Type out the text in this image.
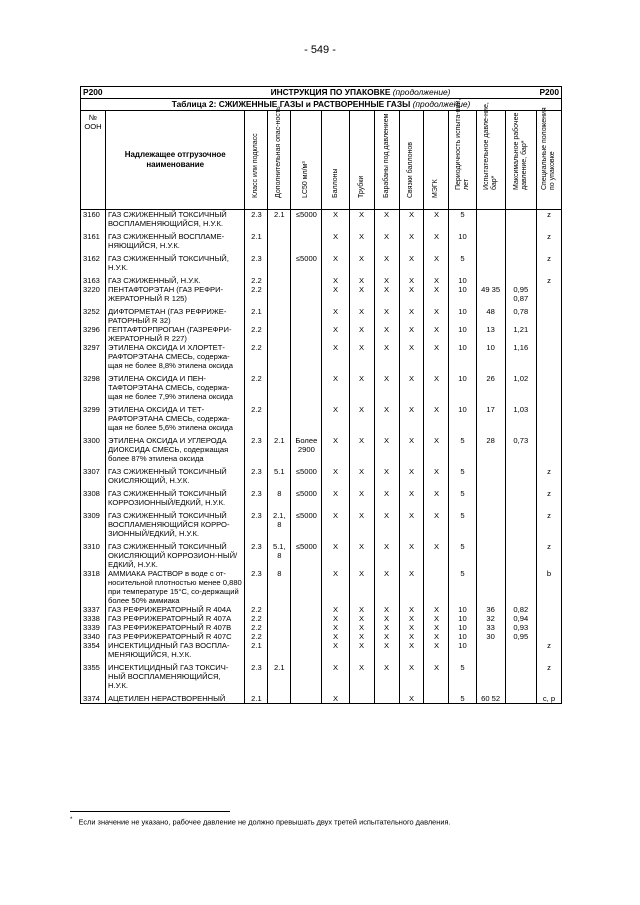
- 549 -
P200		ИНСТРУКЦИЯ ПО УПАКОВКЕ (продолжение)									P200		
Таблица 2: СЖИЖЕННЫЕ ГАЗЫ и РАСТВОРЕННЫЕ ГАЗЫ (продолжение)													
№ ООН	Надлежащее отгрузочное наименование	Класс или подкласс	Дополнительная опас-ность	LC50 мл/м³	Баллоны	Трубки	Барабаны под давлением	Связки баллонов	МЭГК	Периодичность испыта-ний, лет	Испытательное давле-ние, бар*	Максимальное рабочее давление, бар*	Специальные положения по упаковке

3160	ГАЗ СЖИЖЕННЫЙ ТОКСИЧНЫЙ ВОСПЛАМЕНЯЮЩИЙСЯ, Н.У.К.	2.3	2.1	≤5000	X	X	X	X	X	5			z

3161	ГАЗ СЖИЖЕННЫЙ ВОСПЛАМЕ-НЯЮЩИЙСЯ, Н.У.К.	2.1			X	X	X	X	X	10			z

3162	ГАЗ СЖИЖЕННЫЙ ТОКСИЧНЫЙ, Н.У.К.	2.3		≤5000	X	X	X	X	X	5			z

3163	ГАЗ СЖИЖЕННЫЙ, Н.У.К.	2.2			X	X	X	X	X	10			z
3220	ПЕНТАФТОРЭТАН (ГАЗ РЕФРИ-ЖЕРАТОРНЫЙ R 125)	2.2			X	X	X	X	X	10	49 35	0,95 0,87	

3252	ДИФТОРМЕТАН (ГАЗ РЕФРИЖЕ-РАТОРНЫЙ R 32)	2.1			X	X	X	X	X	10	48	0,78	
3296	ГЕПТАФТОРПРОПАН (ГАЗРЕФРИ-ЖЕРАТОРНЫЙ R 227)	2.2			X	X	X	X	X	10	13	1,21	
3297	ЭТИЛЕНА ОКСИДА И ХЛОРТЕТ-РАФТОРЭТАНА СМЕСЬ, содержа-щая не более 8,8% этилена оксида	2.2			X	X	X	X	X	10	10	1,16	

3298	ЭТИЛЕНА ОКСИДА И ПЕН-ТАФТОРЭТАНА СМЕСЬ, содержа-щая не более 7,9% этилена оксида	2.2			X	X	X	X	X	10	26	1,02	

3299	ЭТИЛЕНА ОКСИДА И ТЕТ-РАФТОРЭТАНА СМЕСЬ, содержа-щая не более 5,6% этилена оксида	2.2			X	X	X	X	X	10	17	1,03	

3300	ЭТИЛЕНА ОКСИДА И УГЛЕРОДА ДИОКСИДА СМЕСЬ, содержащая более 87% этилена оксида	2.3	2.1	Более 2900	X	X	X	X	X	5	28	0,73	

3307	ГАЗ СЖИЖЕННЫЙ ТОКСИЧНЫЙ ОКИСЛЯЮЩИЙ, Н.У.К.	2.3	5.1	≤5000	X	X	X	X	X	5			z

3308	ГАЗ СЖИЖЕННЫЙ ТОКСИЧНЫЙ КОРРОЗИОННЫЙ/ЕДКИЙ, Н.У.К.	2.3	8	≤5000	X	X	X	X	X	5			z

3309	ГАЗ СЖИЖЕННЫЙ ТОКСИЧНЫЙ ВОСПЛАМЕНЯЮЩИЙСЯ КОРРО-ЗИОННЫЙ/ЕДКИЙ, Н.У.К.	2.3	2.1, 8	≤5000	X	X	X	X	X	5			z

3310	ГАЗ СЖИЖЕННЫЙ ТОКСИЧНЫЙ ОКИСЛЯЮЩИЙ КОРРОЗИОН-НЫЙ/ЕДКИЙ, Н.У.К.	2.3	5.1, 8	≤5000	X	X	X	X	X	5			z
3318	АММИАКА РАСТВОР в воде с от-носительной плотностью менее 0,880 при температуре 15°С, со-держащий более 50% аммиака	2.3	8		X	X	X	X		5			b
3337	ГАЗ РЕФРИЖЕРАТОРНЫЙ R 404A	2.2			X	X	X	X	X	10	36	0,82	
3338	ГАЗ РЕФРИЖЕРАТОРНЫЙ R 407A	2.2			X	X	X	X	X	10	32	0,94	
3339	ГАЗ РЕФРИЖЕРАТОРНЫЙ R 407B	2.2			X	X	X	X	X	10	33	0,93	
3340	ГАЗ РЕФРИЖЕРАТОРНЫЙ R 407C	2.2			X	X	X	X	X	10	30	0,95	
3354	ИНСЕКТИЦИДНЫЙ ГАЗ ВОСПЛА-МЕНЯЮЩИЙСЯ, Н.У.К.	2.1			X	X	X	X	X	10			z

3355	ИНСЕКТИЦИДНЫЙ ГАЗ ТОКСИЧ-НЫЙ ВОСПЛАМЕНЯЮЩИЙСЯ, Н.У.К.	2.3	2.1		X	X	X	X	X	5			z

3374	АЦЕТИЛЕН НЕРАСТВОРЕННЫЙ	2.1			X			X		5	60 52		c, p
* Если значение не указано, рабочее давление не должно превышать двух третей испытательного давления.
